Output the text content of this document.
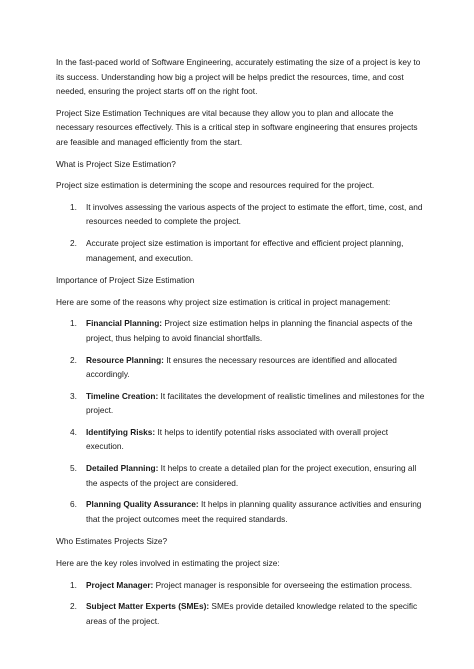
In the fast-paced world of Software Engineering, accurately estimating the size of a project is key to its success. Understanding how big a project will be helps predict the resources, time, and cost needed, ensuring the project starts off on the right foot.

Project Size Estimation Techniques are vital because they allow you to plan and allocate the necessary resources effectively. This is a critical step in software engineering that ensures projects are feasible and managed efficiently from the start.

What is Project Size Estimation?

Project size estimation is determining the scope and resources required for the project.

1. It involves assessing the various aspects of the project to estimate the effort, time, cost, and resources needed to complete the project.
2. Accurate project size estimation is important for effective and efficient project planning, management, and execution.

Importance of Project Size Estimation

Here are some of the reasons why project size estimation is critical in project management:

1. Financial Planning: Project size estimation helps in planning the financial aspects of the project, thus helping to avoid financial shortfalls.
2. Resource Planning: It ensures the necessary resources are identified and allocated accordingly.
3. Timeline Creation: It facilitates the development of realistic timelines and milestones for the project.
4. Identifying Risks: It helps to identify potential risks associated with overall project execution.
5. Detailed Planning: It helps to create a detailed plan for the project execution, ensuring all the aspects of the project are considered.
6. Planning Quality Assurance: It helps in planning quality assurance activities and ensuring that the project outcomes meet the required standards.

Who Estimates Projects Size?

Here are the key roles involved in estimating the project size:

1. Project Manager: Project manager is responsible for overseeing the estimation process.
2. Subject Matter Experts (SMEs): SMEs provide detailed knowledge related to the specific areas of the project.
